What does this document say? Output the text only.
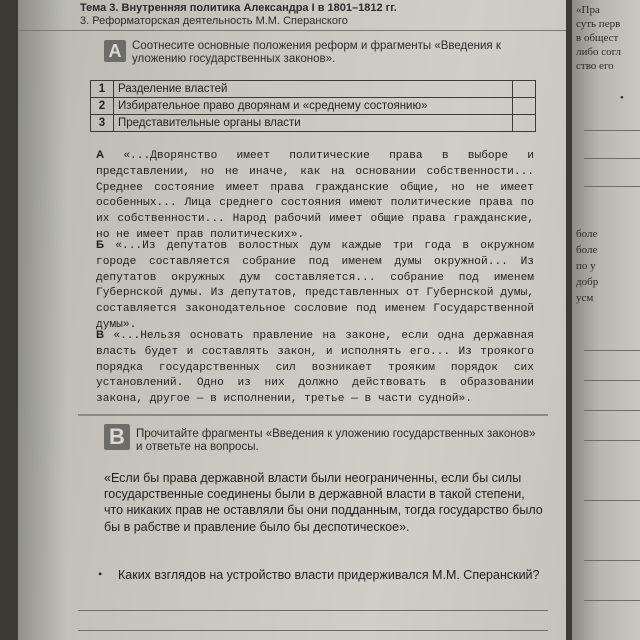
Тема 3. Внутренняя политика Александра I в 1801–1812 гг.
3. Реформаторская деятельность М.М. Сперанского
А Соотнесите основные положения реформ и фрагменты «Введения к
уложению государственных законов».
1	Разделение властей	
2	Избирательное право дворянам и «среднему состоянию»	
3	Представительные органы власти	
А «...Дворянство имеет политические права в выборе и представлении, но не иначе, как на основании собственности... Среднее состояние имеет права гражданские общие, но не имеет особенных... Лица среднего состояния имеют политические права по их собственности... Народ рабочий имеет общие права гражданские, но не имеет прав политических».
Б «...Из депутатов волостных дум каждые три года в окружном городе составляется собрание под именем думы окружной... Из депутатов окружных дум составляется... собрание под именем Губернской думы. Из депутатов, представленных от Губернской думы, составляется законодательное сословие под именем Государственной думы».
В «...Нельзя основать правление на законе, если одна державная власть будет и составлять закон, и исполнять его... Из троякого порядка государственных сил возникает трояким порядок сих установлений. Одно из них должно действовать в образовании закона, другое — в исполнении, третье — в части судной».
В Прочитайте фрагменты «Введения к уложению государственных законов» и ответьте на вопросы.
«Если бы права державной власти были неограниченны, если бы силы государственные соединены были в державной власти в такой степени, что никаких прав не оставляли бы они подданным, тогда государство было бы в рабстве и правление было бы деспотическое».
• Каких взглядов на устройство власти придерживался М.М. Сперанский?
«Пра
суть перв
в общест
либо согл
ство его
•
боле
боле
по у
добр
усм
